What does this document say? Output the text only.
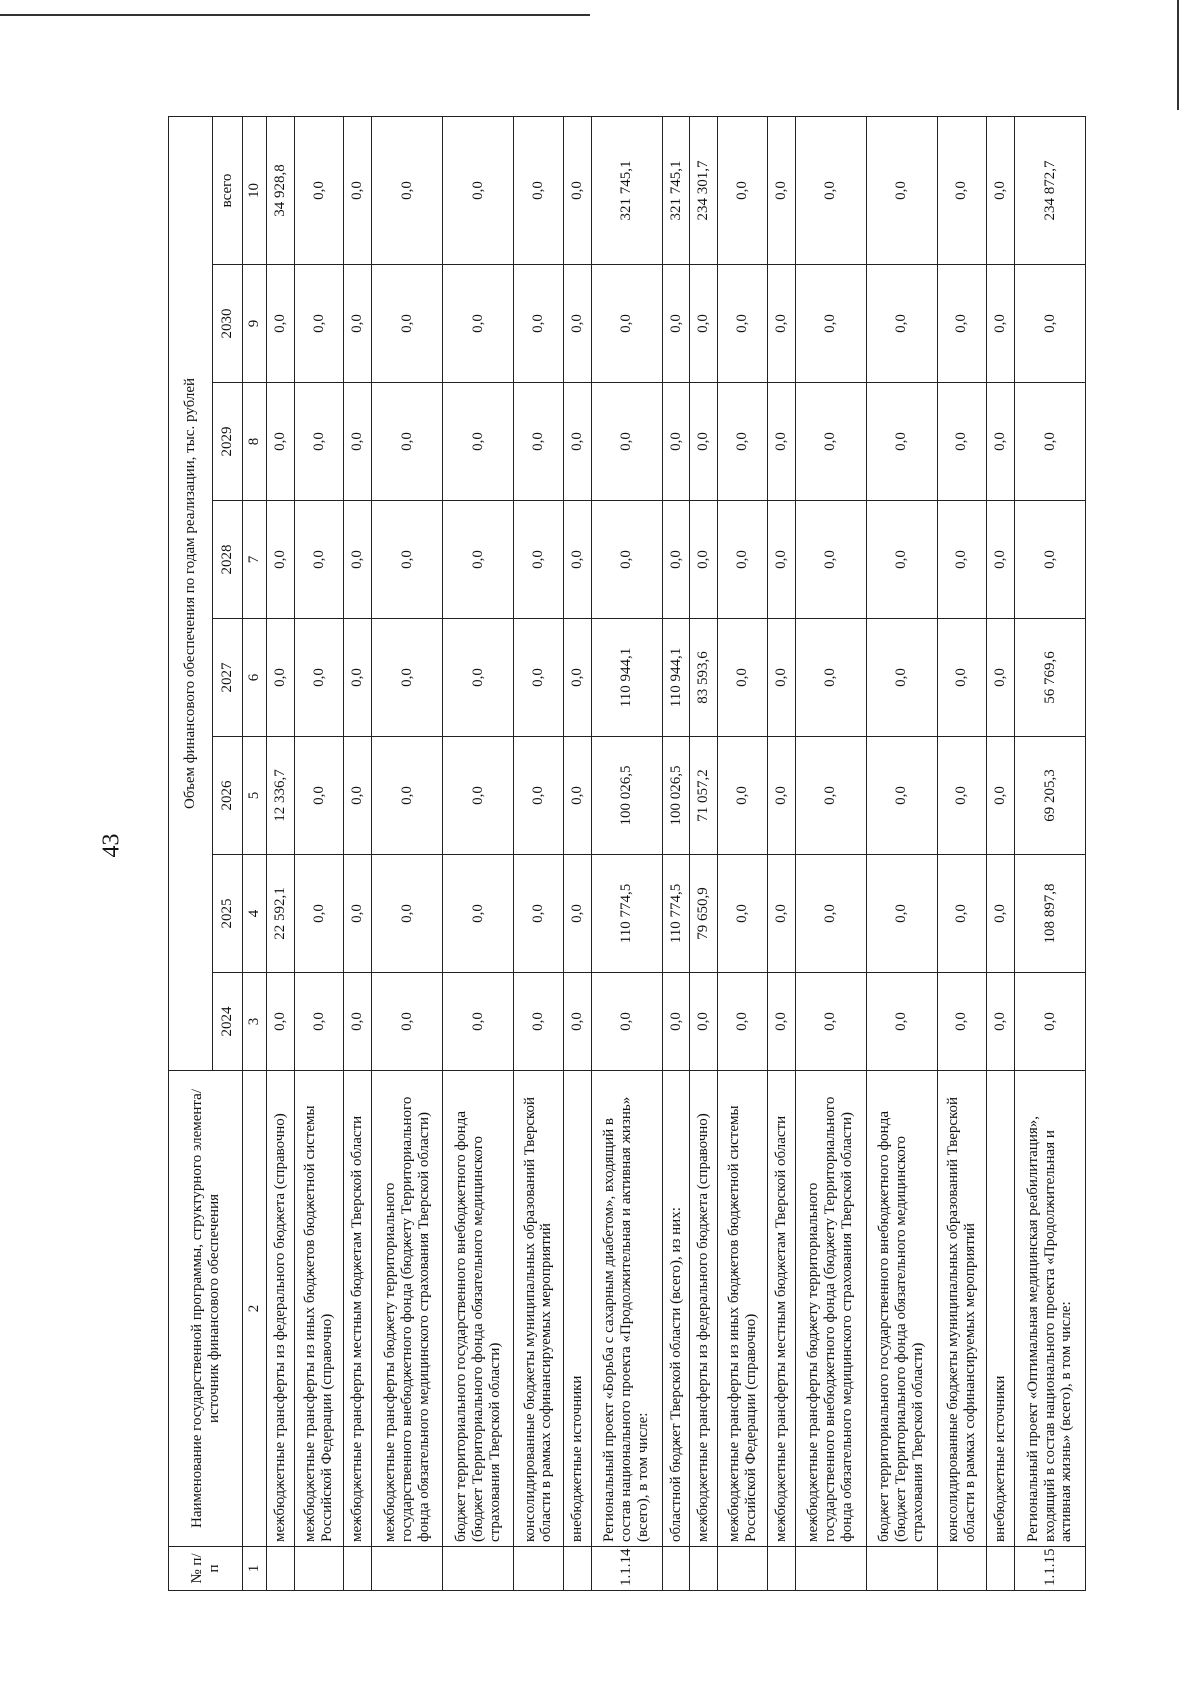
43
№ п/п	Наименование государственной программы, структурного элемента/источник финансового обеспечения	Объем финансового обеспечения по годам реализации, тыс. рублей							
		2024	2025	2026	2027	2028	2029	2030	всего
1	2	3	4	5	6	7	8	9	10
	межбюджетные трансферты из федерального бюджета (справочно)	0,0	22 592,1	12 336,7	0,0	0,0	0,0	0,0	34 928,8
	межбюджетные трансферты из иных бюджетов бюджетной системы Российской Федерации (справочно)	0,0	0,0	0,0	0,0	0,0	0,0	0,0	0,0
	межбюджетные трансферты местным бюджетам Тверской области	0,0	0,0	0,0	0,0	0,0	0,0	0,0	0,0
	межбюджетные трансферты бюджету территориального государственного внебюджетного фонда (бюджету Территориального фонда обязательного медицинского страхования Тверской области)	0,0	0,0	0,0	0,0	0,0	0,0	0,0	0,0
	бюджет территориального государственного внебюджетного фонда (бюджет Территориального фонда обязательного медицинского страхования Тверской области)	0,0	0,0	0,0	0,0	0,0	0,0	0,0	0,0
	консолидированные бюджеты муниципальных образований Тверской области в рамках софинансируемых мероприятий	0,0	0,0	0,0	0,0	0,0	0,0	0,0	0,0
	внебюджетные источники	0,0	0,0	0,0	0,0	0,0	0,0	0,0	0,0
1.1.14	Региональный проект «Борьба с сахарным диабетом», входящий в состав национального проекта «Продолжительная и активная жизнь» (всего), в том числе:	0,0	110 774,5	100 026,5	110 944,1	0,0	0,0	0,0	321 745,1
	областной бюджет Тверской области (всего), из них:	0,0	110 774,5	100 026,5	110 944,1	0,0	0,0	0,0	321 745,1
	межбюджетные трансферты из федерального бюджета (справочно)	0,0	79 650,9	71 057,2	83 593,6	0,0	0,0	0,0	234 301,7
	межбюджетные трансферты из иных бюджетов бюджетной системы Российской Федерации (справочно)	0,0	0,0	0,0	0,0	0,0	0,0	0,0	0,0
	межбюджетные трансферты местным бюджетам Тверской области	0,0	0,0	0,0	0,0	0,0	0,0	0,0	0,0
	межбюджетные трансферты бюджету территориального государственного внебюджетного фонда (бюджету Территориального фонда обязательного медицинского страхования Тверской области)	0,0	0,0	0,0	0,0	0,0	0,0	0,0	0,0
	бюджет территориального государственного внебюджетного фонда (бюджет Территориального фонда обязательного медицинского страхования Тверской области)	0,0	0,0	0,0	0,0	0,0	0,0	0,0	0,0
	консолидированные бюджеты муниципальных образований Тверской области в рамках софинансируемых мероприятий	0,0	0,0	0,0	0,0	0,0	0,0	0,0	0,0
	внебюджетные источники	0,0	0,0	0,0	0,0	0,0	0,0	0,0	0,0
1.1.15	Региональный проект «Оптимальная медицинская реабилитация», входящий в состав национального проекта «Продолжительная и активная жизнь» (всего), в том числе:	0,0	108 897,8	69 205,3	56 769,6	0,0	0,0	0,0	234 872,7
